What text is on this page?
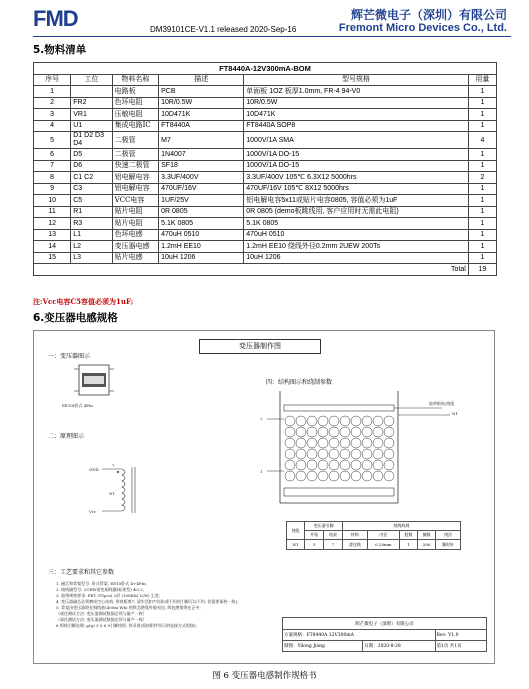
FMD	DM39101CE-V1.1 released 2020-Sep-16
辉芒微电子（深圳）有限公司
Fremont Micro Devices Co., Ltd.
5.物料清单
FT8440A-12V300mA-BOM					
序号	工位	物料名称	描述	型号规格	用量
1		电路板	PCB	单面板 1OZ 板厚1.0mm, FR-4 94-V0	1
2	FR2	色环电阻	10R/0.5W	10R/0.5W	1
3	VR1	压敏电阻	10D471K	10D471K	1
4	U1	集成电路IC	FT8440A	FT8440A SOP8	1
5	D1 D2 D3 D4	二极管	M7	1000V/1A SMA	4
6	D5	二极管	1N4007	1000V/1A DO-15	1
7	D6	快速二极管	SF18	1000V/1A DO-15	1
8	C1 C2	铝电解电容	3.3UF/400V	3.3UF/400V 105℃ 6.3X12 5000hrs	2
9	C3	铝电解电容	470UF/16V	470UF/16V 105℃ 8X12 5000hrs	1
10	C5	VCC电容	1UF/25V	铝电解电容5x11或贴片电容0805, 容值必须为1uF	1
11	R1	贴片电阻	0R 0805	0R 0805 (demo板跳线用, 客户应用时无需此电阻)	1
12	R3	贴片电阻	5.1K 0805	5.1K 0805	1
13	L1	色环电感	470uH 0510	470uH 0510	1
14	L2	变压器电感	1.2mH EE10	1.2mH EE10 绕线外径0.2mm 2UEW 200Ts	1
15	L3	贴片电感	10uH 1206	10uH 1206	1
Total					19
注:Vcc电容C5容值必须为1uF;
6.变压器电感规格
变压器制作图
一：变压器图示
EE10(卧式 4Pin
二：原理图示
GND
7
N1
Vcc
三：工艺要求和其它参数
1. 磁芯和骨架型号: 卧式骨架, EE10卧式 4+4Pin;
2. 绕线圈型号: 2UEW漆包铜线圈(标准型) Φ0.2;
3. 胶带规格要求: PET 3T(pcs) 2层 (10Mils) L(W) 尘宽;
4. 变压器磁芯必须磨成空心结构, 带底板剪7, 清牢活扣7牢固(或不用的引脚可以不用, 但需要保持一致);
5. 骨架由变压器绕在铜线套(400m Wh) 的铁芯绝缘外胶布包, 线包绝缘带在正中;
（或任测试方法: 变压器测试数据必须与量产一致）
（或任测试方法: 变压器测试数据必须与量产一致）
6.焊线引脚处理: p(q) 3 5 6 9引脚线焊, 须采用(需按附件所示的连接方式焊接);
四：结构图示和绕制参数
胶带粘贴/绕组
N1
7
1
绕组	变压器引脚		绕线线规				
	开始	结束	材料	内径	股数	圈数	绕法
N1	3	7	漆包线	0.20mm	1	200	顺时针
辉芒微电子（深圳）有限公司		
方案规格：FT8440A 12V300mA		Rev: V1.0
制图：Yilong Jiang	日期：2020-8-28	第1页 共1页
图 6 变压器电感制作规格书
